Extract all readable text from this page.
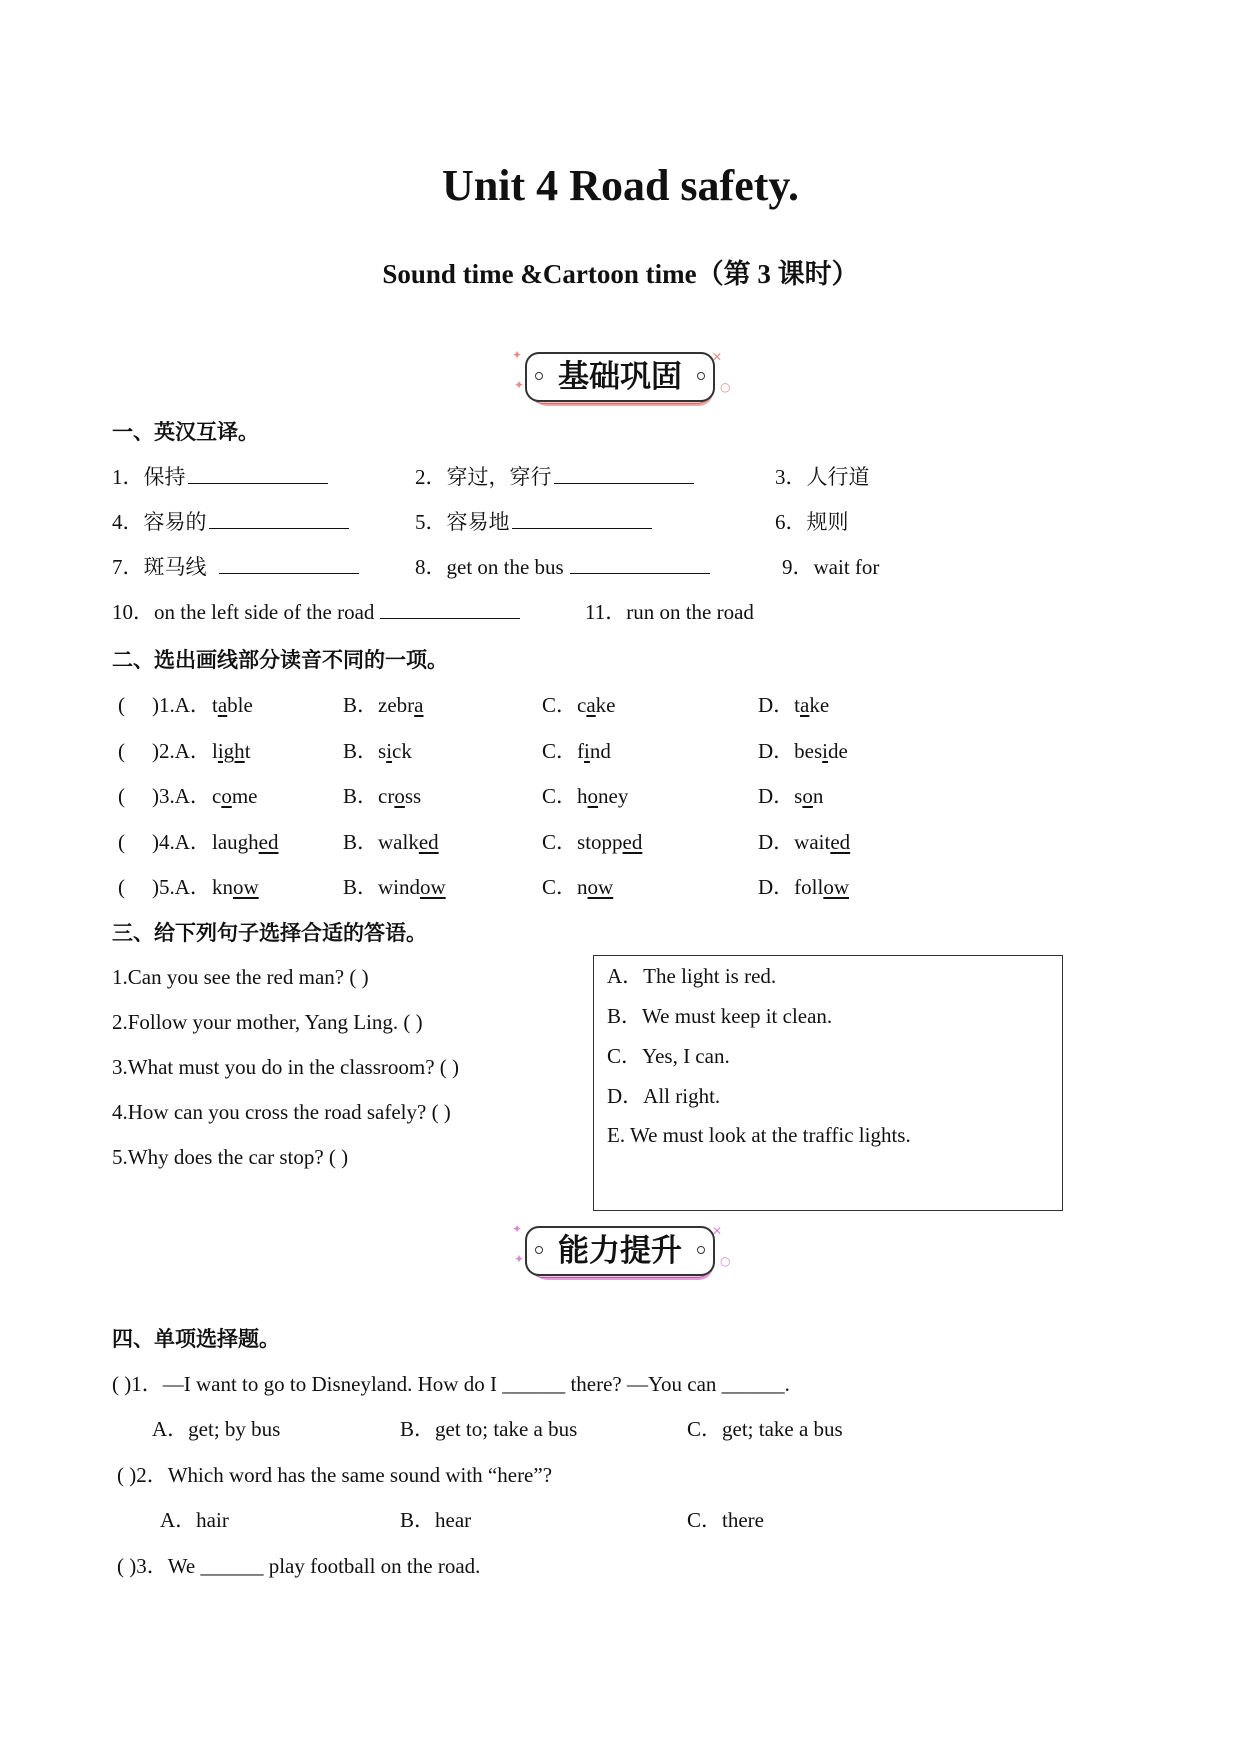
Unit 4 Road safety.
Sound time &Cartoon time（第 3 课时）
基础巩固
✦
✦
✕
○
一、英汉互译。
1．保持	2．穿过，穿行	3．人行道
4．容易的	5．容易地	6．规则
7．斑马线	8．get on the bus	9．wait for
10．on the left side of the road	11．run on the road
二、选出画线部分读音不同的一项。
( )1.A． table	B．zebra	C．cake	D．take
( )2.A． light	B．sick	C．find	D．beside
( )3.A． come	B．cross	C．honey	D．son
( )4.A． laughed	B．walked	C．stopped	D．waited
( )5.A． know	B．window	C．now	D．follow
三、给下列句子选择合适的答语。
1.Can you see the red man? ( )
2.Follow your mother, Yang Ling. ( )
3.What must you do in the classroom? ( )
4.How can you cross the road safely? ( )
5.Why does the car stop? ( )
A．The light is red.
B．We must keep it clean.
C．Yes, I can.
D．All right.
E. We must look at the traffic lights.
能力提升
✦
✦
✕
○
四、单项选择题。
( )1．—I want to go to Disneyland. How do I ______ there? —You can ______.
A．get; by bus	B．get to; take a bus	C．get; take a bus
( )2．Which word has the same sound with “here”?
A．hair	B．hear	C．there
( )3．We ______ play football on the road.
